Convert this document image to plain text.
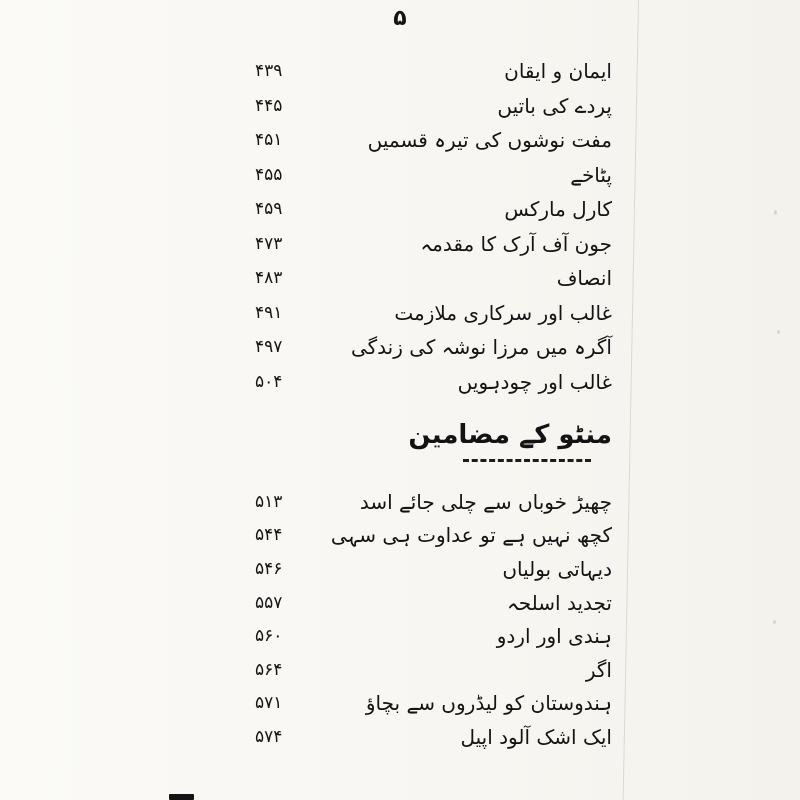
۵
۴۳۹	ایمان و ایقان
۴۴۵	پردے کی باتیں
۴۵۱	مفت نوشوں کی تیرہ قسمیں
۴۵۵	پٹاخے
۴۵۹	کارل مارکس
۴۷۳	جون آف آرک کا مقدمہ
۴۸۳	انصاف
۴۹۱	غالب اور سرکاری ملازمت
۴۹۷	آگرہ میں مرزا نوشہ کی زندگی
۵۰۴	غالب اور چودہویں
منٹو کے مضامین
۵۱۳	چھیڑ خوباں سے چلی جائے اسد
۵۴۴	کچھ نہیں ہے تو عداوت ہی سہی
۵۴۶	دیہاتی بولیاں
۵۵۷	تجدید اسلحہ
۵۶۰	ہندی اور اردو
۵۶۴	اگر
۵۷۱	ہندوستان کو لیڈروں سے بچاؤ
۵۷۴	ایک اشک آلود اپیل
